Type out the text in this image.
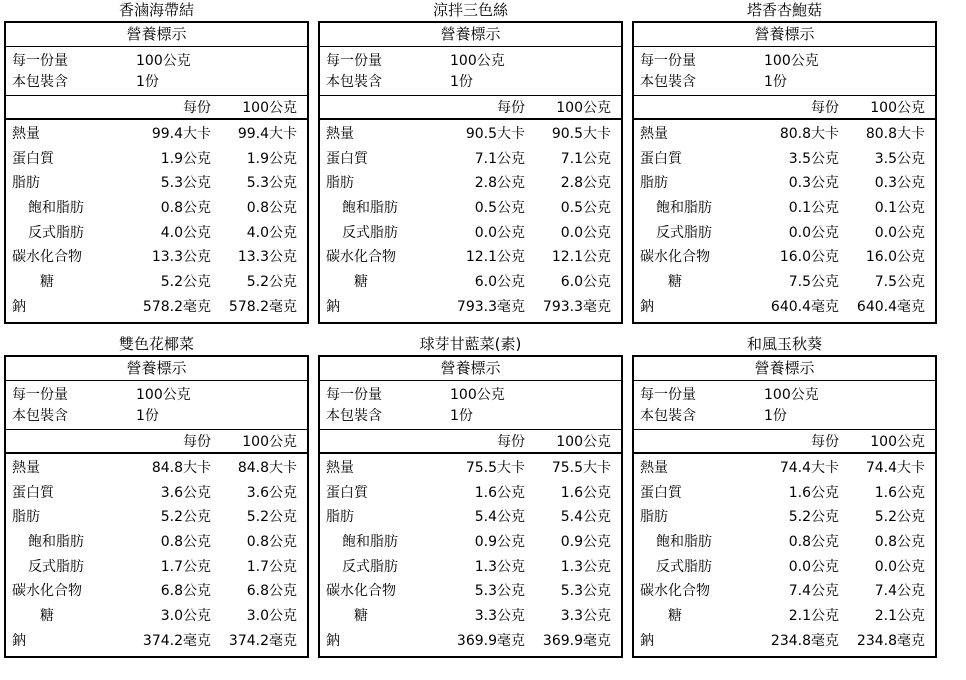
香滷海帶結
營養標示
每一份量	100公克
本包裝含	1份
每份 100公克
熱量	99.4大卡 99.4大卡
蛋白質	1.9公克	1.9公克
脂肪	5.3公克	5.3公克
飽和脂肪	0.8公克	0.8公克
反式脂肪	4.0公克	4.0公克
碳水化合物	13.3公克 13.3公克
糖	5.2公克	5.2公克
鈉	578.2毫克 578.2毫克
涼拌三色絲
營養標示
每一份量	100公克
本包裝含	1份
每份 100公克
熱量	90.5大卡 90.5大卡
蛋白質	7.1公克	7.1公克
脂肪	2.8公克	2.8公克
飽和脂肪	0.5公克	0.5公克
反式脂肪	0.0公克	0.0公克
碳水化合物	12.1公克 12.1公克
糖	6.0公克	6.0公克
鈉	793.3毫克 793.3毫克
塔香杏鮑菇
營養標示
每一份量	100公克
本包裝含	1份
每份 100公克
熱量	80.8大卡 80.8大卡
蛋白質	3.5公克	3.5公克
脂肪	0.3公克	0.3公克
飽和脂肪	0.1公克	0.1公克
反式脂肪	0.0公克	0.0公克
碳水化合物	16.0公克 16.0公克
糖	7.5公克	7.5公克
鈉	640.4毫克 640.4毫克
雙色花椰菜
營養標示
每一份量	100公克
本包裝含	1份
每份 100公克
熱量	84.8大卡 84.8大卡
蛋白質	3.6公克	3.6公克
脂肪	5.2公克	5.2公克
飽和脂肪	0.8公克	0.8公克
反式脂肪	1.7公克	1.7公克
碳水化合物	6.8公克	6.8公克
糖	3.0公克	3.0公克
鈉	374.2毫克 374.2毫克
球芽甘藍菜(素)
營養標示
每一份量	100公克
本包裝含	1份
每份 100公克
熱量	75.5大卡 75.5大卡
蛋白質	1.6公克	1.6公克
脂肪	5.4公克	5.4公克
飽和脂肪	0.9公克	0.9公克
反式脂肪	1.3公克	1.3公克
碳水化合物	5.3公克	5.3公克
糖	3.3公克	3.3公克
鈉	369.9毫克 369.9毫克
和風玉秋葵
營養標示
每一份量	100公克
本包裝含	1份
每份 100公克
熱量	74.4大卡 74.4大卡
蛋白質	1.6公克	1.6公克
脂肪	5.2公克	5.2公克
飽和脂肪	0.8公克	0.8公克
反式脂肪	0.0公克	0.0公克
碳水化合物	7.4公克	7.4公克
糖	2.1公克	2.1公克
鈉	234.8毫克 234.8毫克
